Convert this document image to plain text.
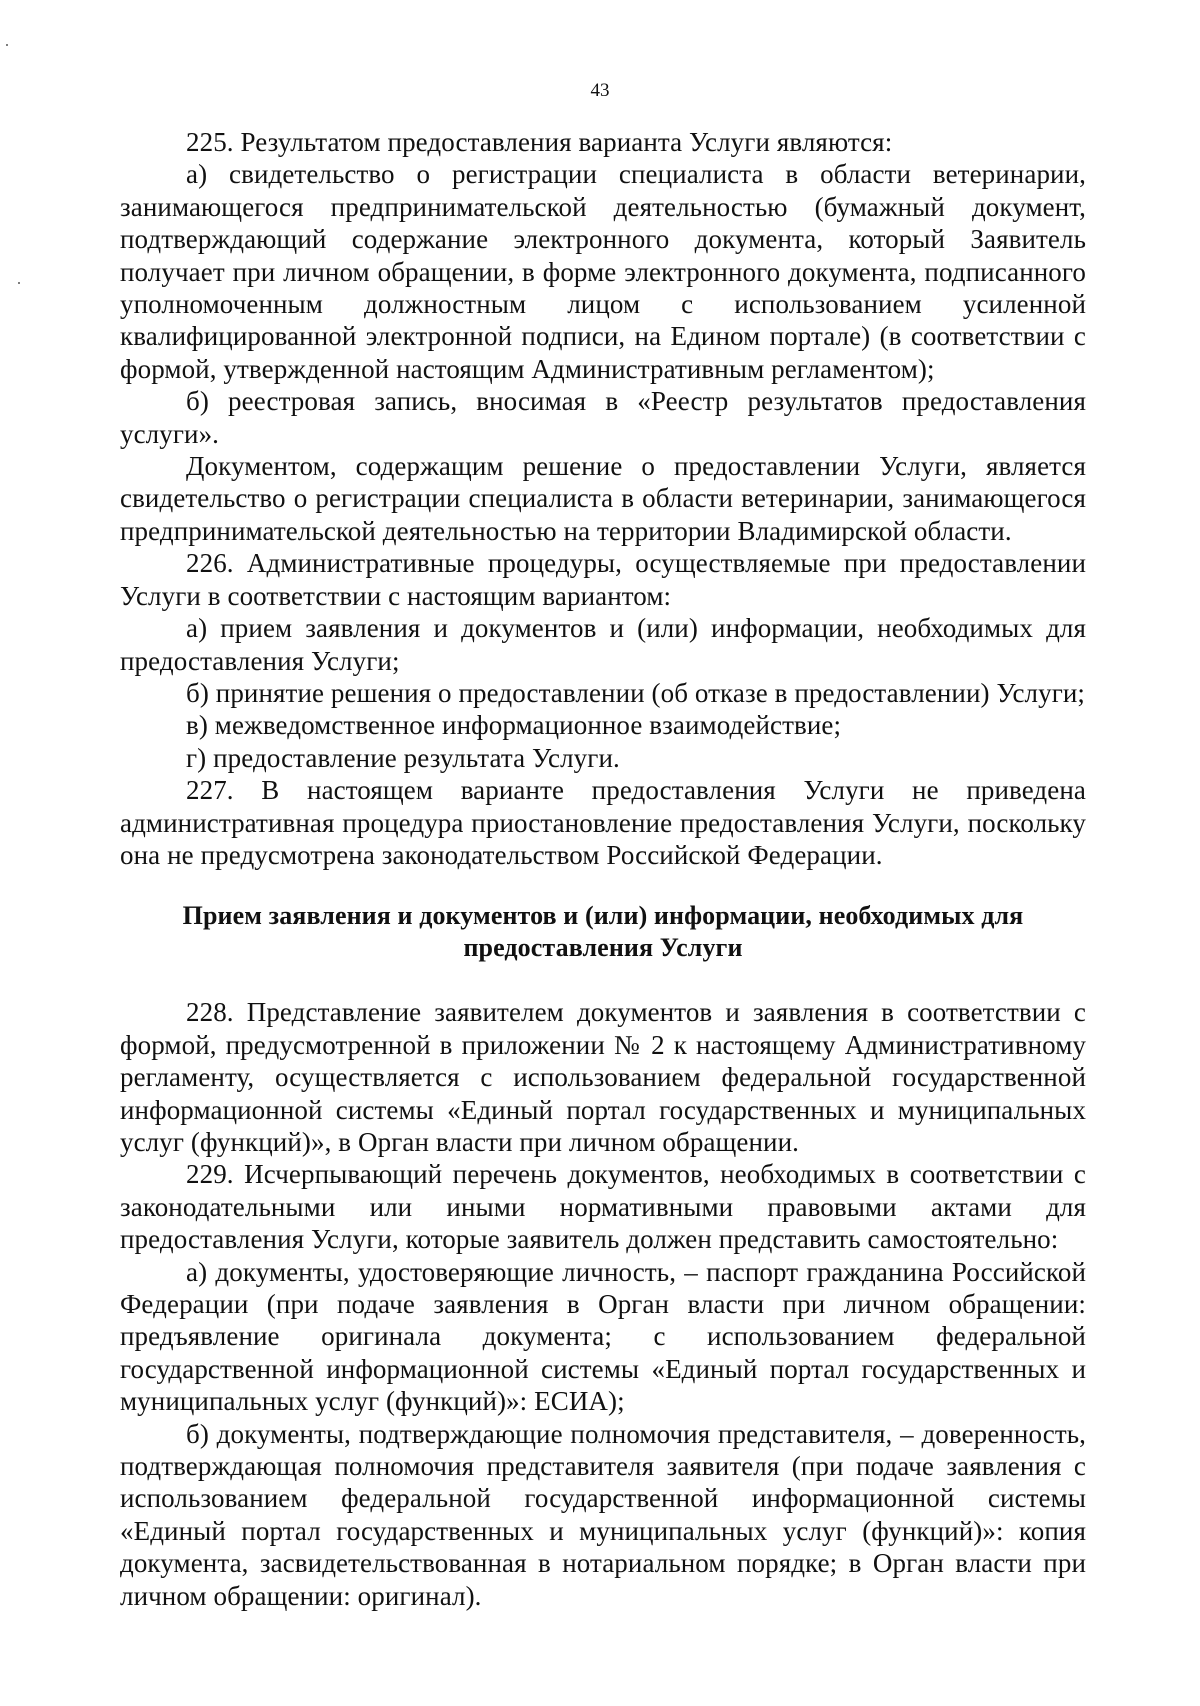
43

225. Результатом предоставления варианта Услуги являются:

а) свидетельство о регистрации специалиста в области ветеринарии, занимающегося предпринимательской деятельностью (бумажный документ, подтверждающий содержание электронного документа, который Заявитель получает при личном обращении, в форме электронного документа, подписанного уполномоченным должностным лицом с использованием усиленной квалифицированной электронной подписи, на Едином портале) (в соответствии с формой, утвержденной настоящим Административным регламентом);

б) реестровая запись, вносимая в «Реестр результатов предоставления услуги».

Документом, содержащим решение о предоставлении Услуги, является свидетельство о регистрации специалиста в области ветеринарии, занимающегося предпринимательской деятельностью на территории Владимирской области.

226. Административные процедуры, осуществляемые при предоставлении Услуги в соответствии с настоящим вариантом:

а) прием заявления и документов и (или) информации, необходимых для предоставления Услуги;

б) принятие решения о предоставлении (об отказе в предоставлении) Услуги;

в) межведомственное информационное взаимодействие;

г) предоставление результата Услуги.

227. В настоящем варианте предоставления Услуги не приведена административная процедура приостановление предоставления Услуги, поскольку она не предусмотрена законодательством Российской Федерации.

Прием заявления и документов и (или) информации, необходимых для предоставления Услуги

228. Представление заявителем документов и заявления в соответствии с формой, предусмотренной в приложении № 2 к настоящему Административному регламенту, осуществляется с использованием федеральной государственной информационной системы «Единый портал государственных и муниципальных услуг (функций)», в Орган власти при личном обращении.

229. Исчерпывающий перечень документов, необходимых в соответствии с законодательными или иными нормативными правовыми актами для предоставления Услуги, которые заявитель должен представить самостоятельно:

а) документы, удостоверяющие личность, – паспорт гражданина Российской Федерации (при подаче заявления в Орган власти при личном обращении: предъявление оригинала документа; с использованием федеральной государственной информационной системы «Единый портал государственных и муниципальных услуг (функций)»: ЕСИА);

б) документы, подтверждающие полномочия представителя, – доверенность, подтверждающая полномочия представителя заявителя (при подаче заявления с использованием федеральной государственной информационной системы «Единый портал государственных и муниципальных услуг (функций)»: копия документа, засвидетельствованная в нотариальном порядке; в Орган власти при личном обращении: оригинал).
